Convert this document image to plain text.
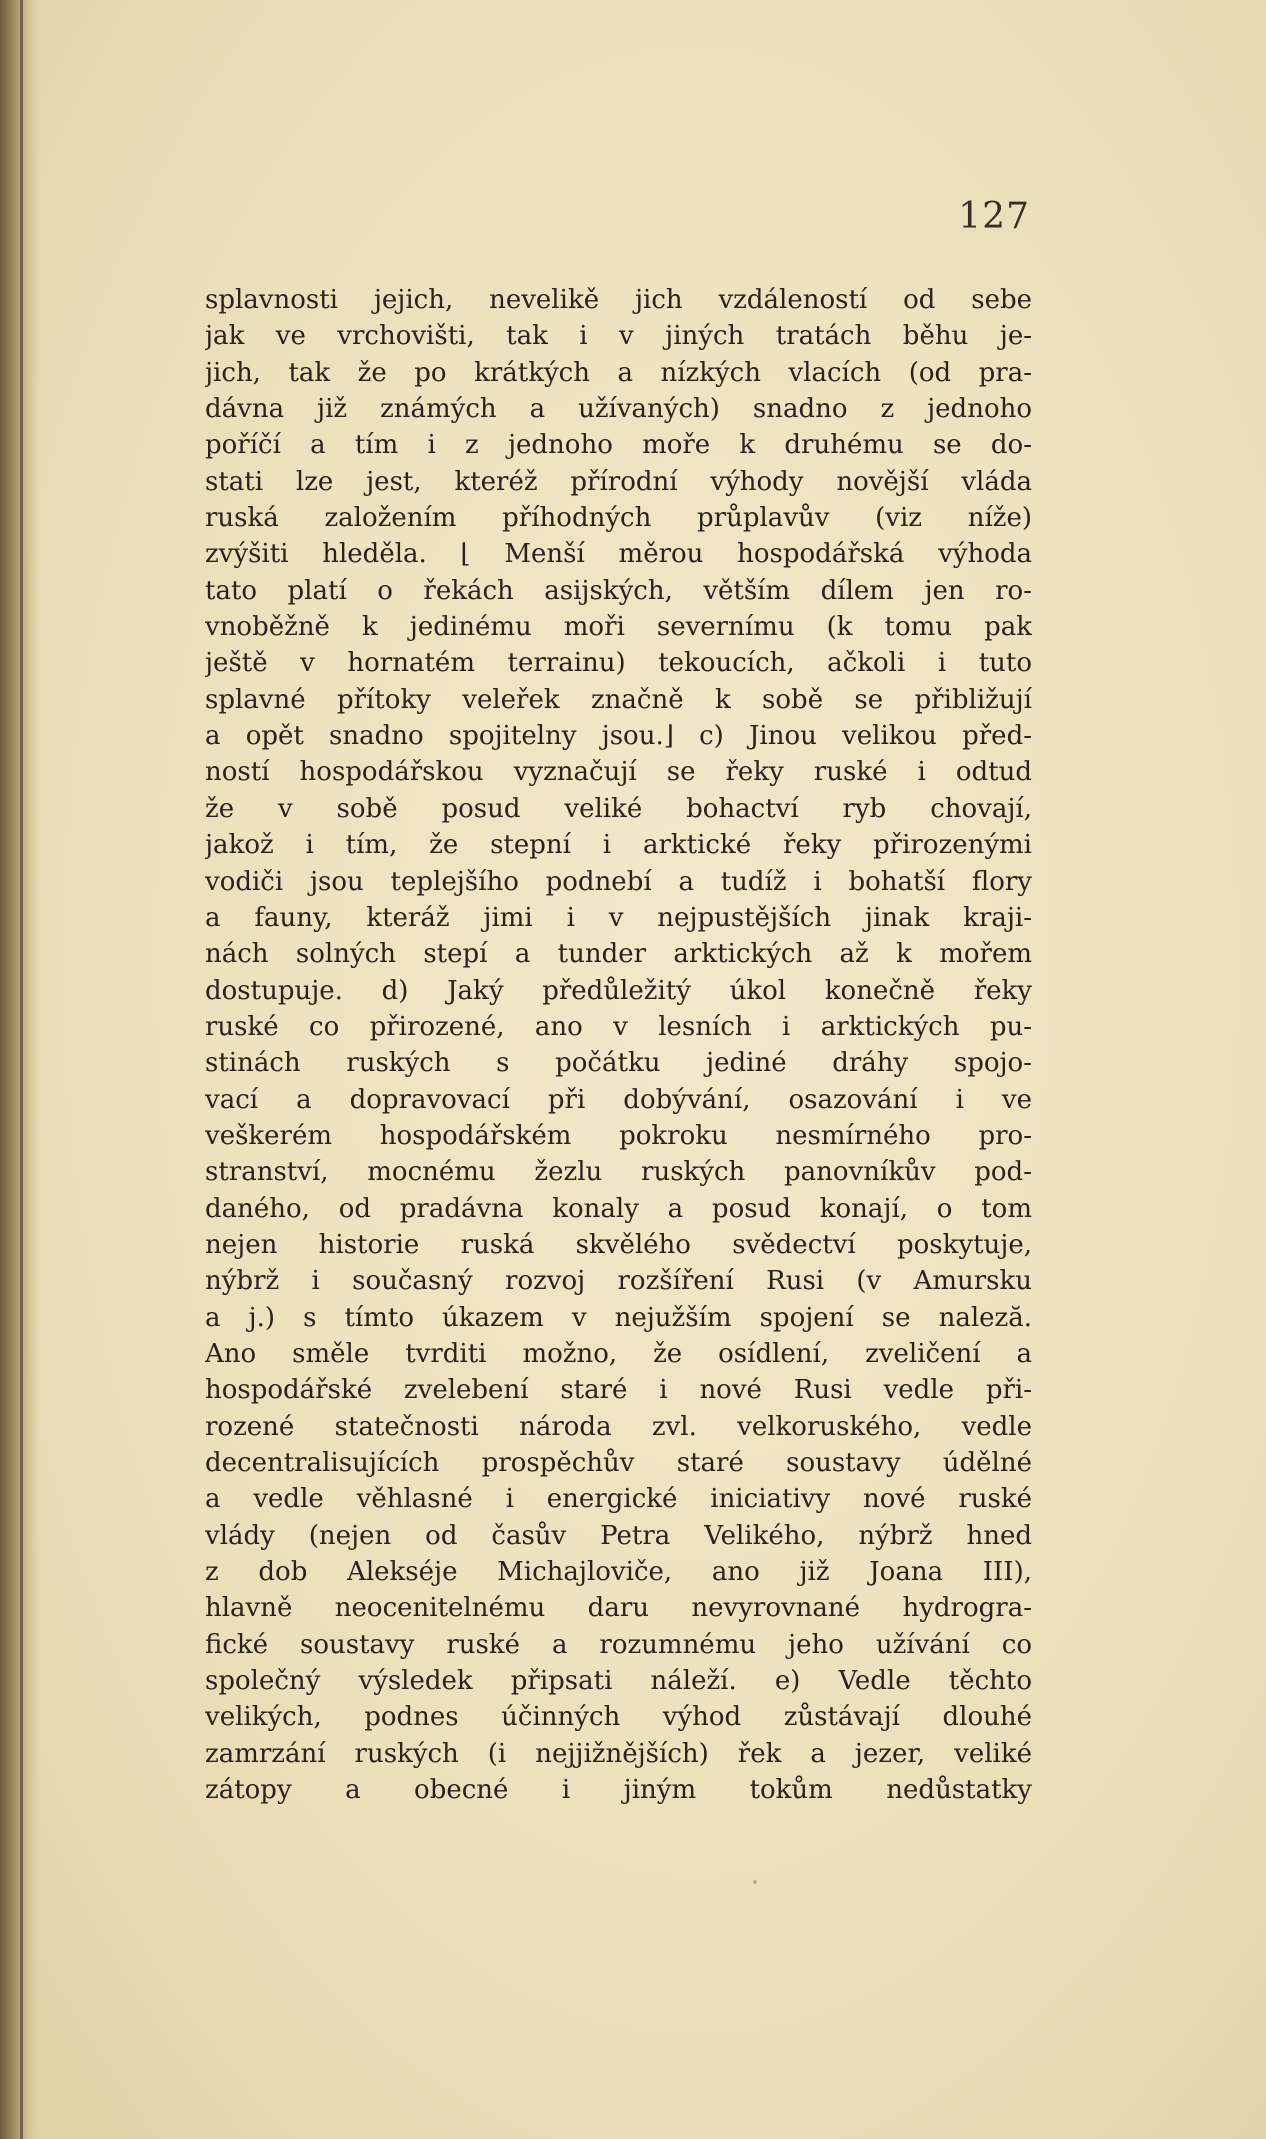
127
splavnosti jejich, nevelikě jich vzdáleností od sebe
jak ve vrchovišti, tak i v jiných tratách běhu je-
jich, tak že po krátkých a nízkých vlacích (od pra-
dávna již známých a užívaných) snadno z jednoho
poříčí a tím i z jednoho moře k druhému se do-
stati lze jest, kteréž přírodní výhody novější vláda
ruská založením příhodných průplavův (viz níže)
zvýšiti hleděla. ⌊ Menší měrou hospodářská výhoda
tato platí o řekách asijských, větším dílem jen ro-
vnoběžně k jedinému moři severnímu (k tomu pak
ještě v hornatém terrainu) tekoucích, ačkoli i tuto
splavné přítoky veleřek značně k sobě se přibližují
a opět snadno spojitelny jsou.⌋ c) Jinou velikou před-
ností hospodářskou vyznačují se řeky ruské i odtud
že v sobě posud veliké bohactví ryb chovají,
jakož i tím, že stepní i arktické řeky přirozenými
vodiči jsou teplejšího podnebí a tudíž i bohatší flory
a fauny, kteráž jimi i v nejpustějších jinak kraji-
nách solných stepí a tunder arktických až k mořem
dostupuje. d) Jaký předůležitý úkol konečně řeky
ruské co přirozené, ano v lesních i arktických pu-
stinách ruských s počátku jediné dráhy spojo-
vací a dopravovací při dobývání, osazování i ve
veškerém hospodářském pokroku nesmírného pro-
stranství, mocnému žezlu ruských panovníkův pod-
daného, od pradávna konaly a posud konají, o tom
nejen historie ruská skvělého svědectví poskytuje,
nýbrž i současný rozvoj rozšíření Rusi (v Amursku
a j.) s tímto úkazem v nejužším spojení se naleză.
Ano směle tvrditi možno, že osídlení, zveličení a
hospodářské zvelebení staré i nové Rusi vedle při-
rozené statečnosti národa zvl. velkoruského, vedle
decentralisujících prospěchův staré soustavy údělné
a vedle věhlasné i energické iniciativy nové ruské
vlády (nejen od časův Petra Velikého, nýbrž hned
z dob Alekséje Michajloviče, ano již Joana III),
hlavně neocenitelnému daru nevyrovnané hydrogra-
fické soustavy ruské a rozumnému jeho užívání co
společný výsledek připsati náleží. e) Vedle těchto
velikých, podnes účinných výhod zůstávají dlouhé
zamrzání ruských (i nejjižnějších) řek a jezer, veliké
zátopy a obecné i jiným tokům nedůstatky
